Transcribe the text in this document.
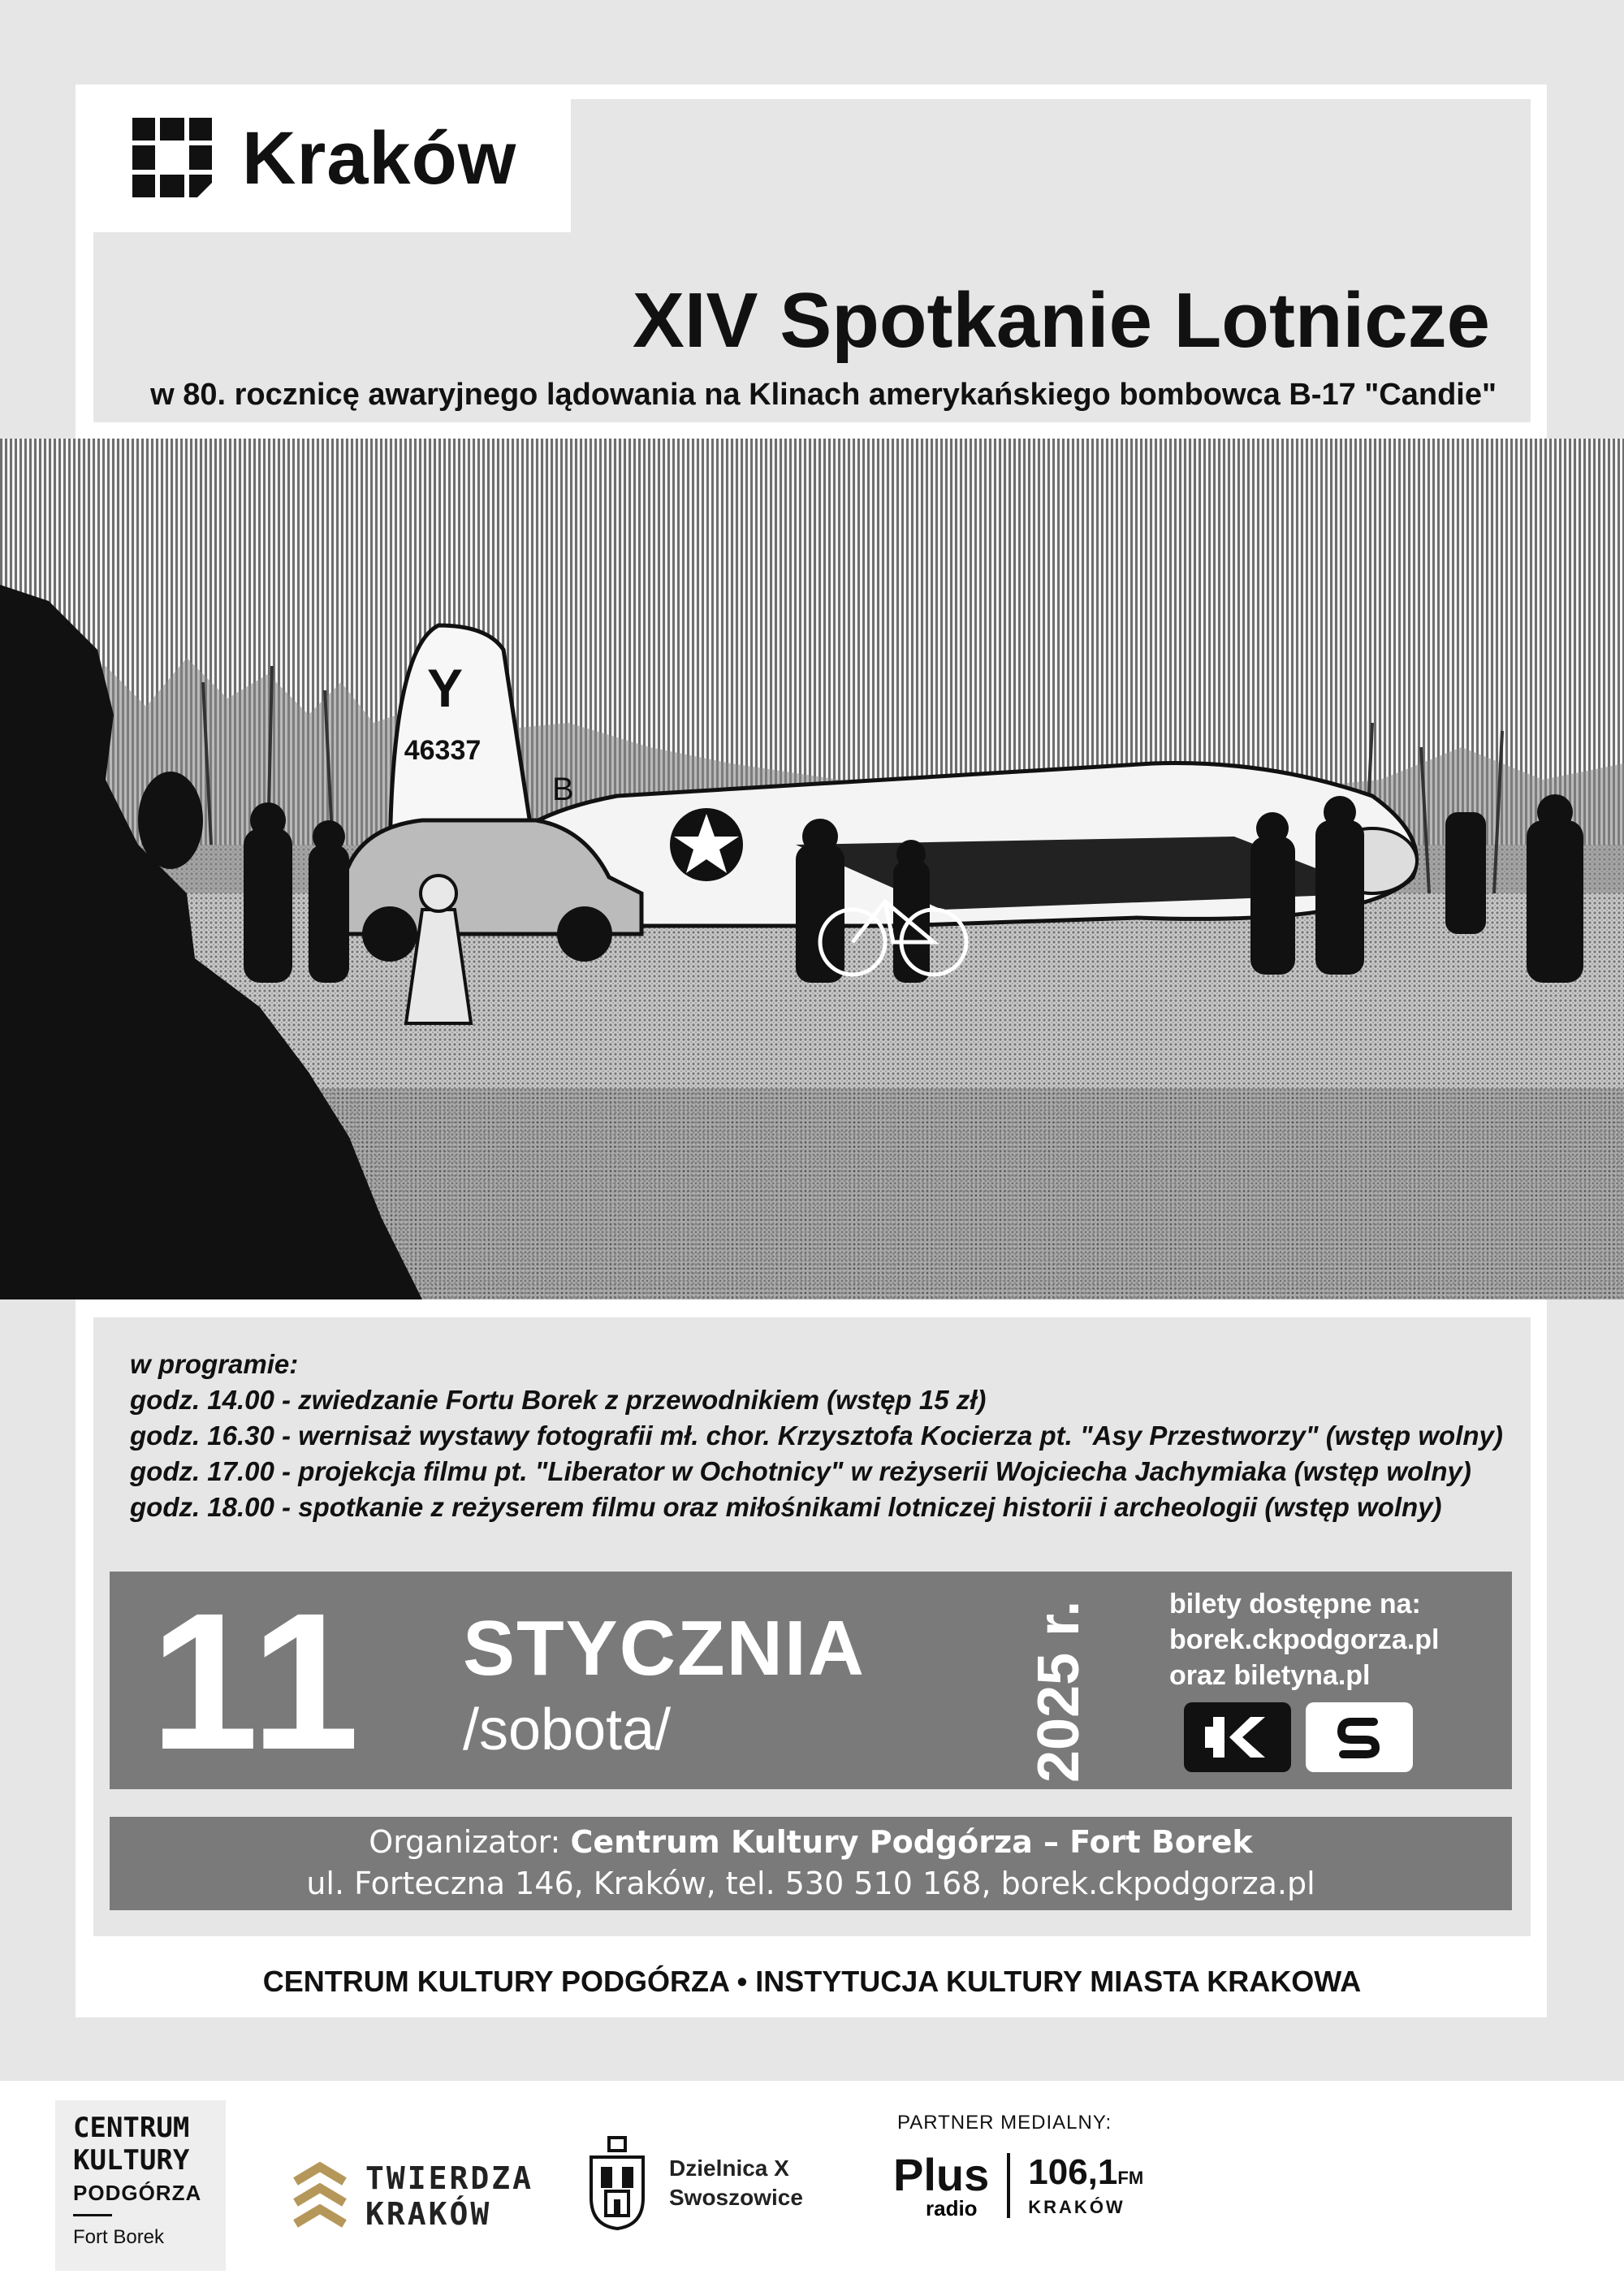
Kraków
XIV Spotkanie Lotnicze
w 80. rocznicę awaryjnego lądowania na Klinach amerykańskiego bombowca B-17 "Candie"
Y
46337
B
w programie:
godz. 14.00 - zwiedzanie Fortu Borek z przewodnikiem (wstęp 15 zł)
godz. 16.30 - wernisaż wystawy fotografii mł. chor. Krzysztofa Kocierza pt. "Asy Przestworzy" (wstęp wolny)
godz. 17.00 - projekcja filmu pt. "Liberator w Ochotnicy" w reżyserii Wojciecha Jachymiaka (wstęp wolny)
godz. 18.00 - spotkanie z reżyserem filmu oraz miłośnikami lotniczej historii i archeologii (wstęp wolny)
11 STYCZNIA
/sobota/	2025 r.	bilety dostępne na:
borek.ckpodgorza.pl
oraz biletyna.pl
Organizator: Centrum Kultury Podgórza – Fort Borek
ul. Forteczna 146, Kraków, tel. 530 510 168, borek.ckpodgorza.pl
CENTRUM KULTURY PODGÓRZA • INSTYTUCJA KULTURY MIASTA KRAKOWA
CENTRUM
KULTURY
PODGÓRZA
Fort Borek
TWIERDZA
KRAKÓW
Dzielnica X
Swoszowice
PARTNER MEDIALNY:
Plus
radio
106,1FM
KRAKÓW
